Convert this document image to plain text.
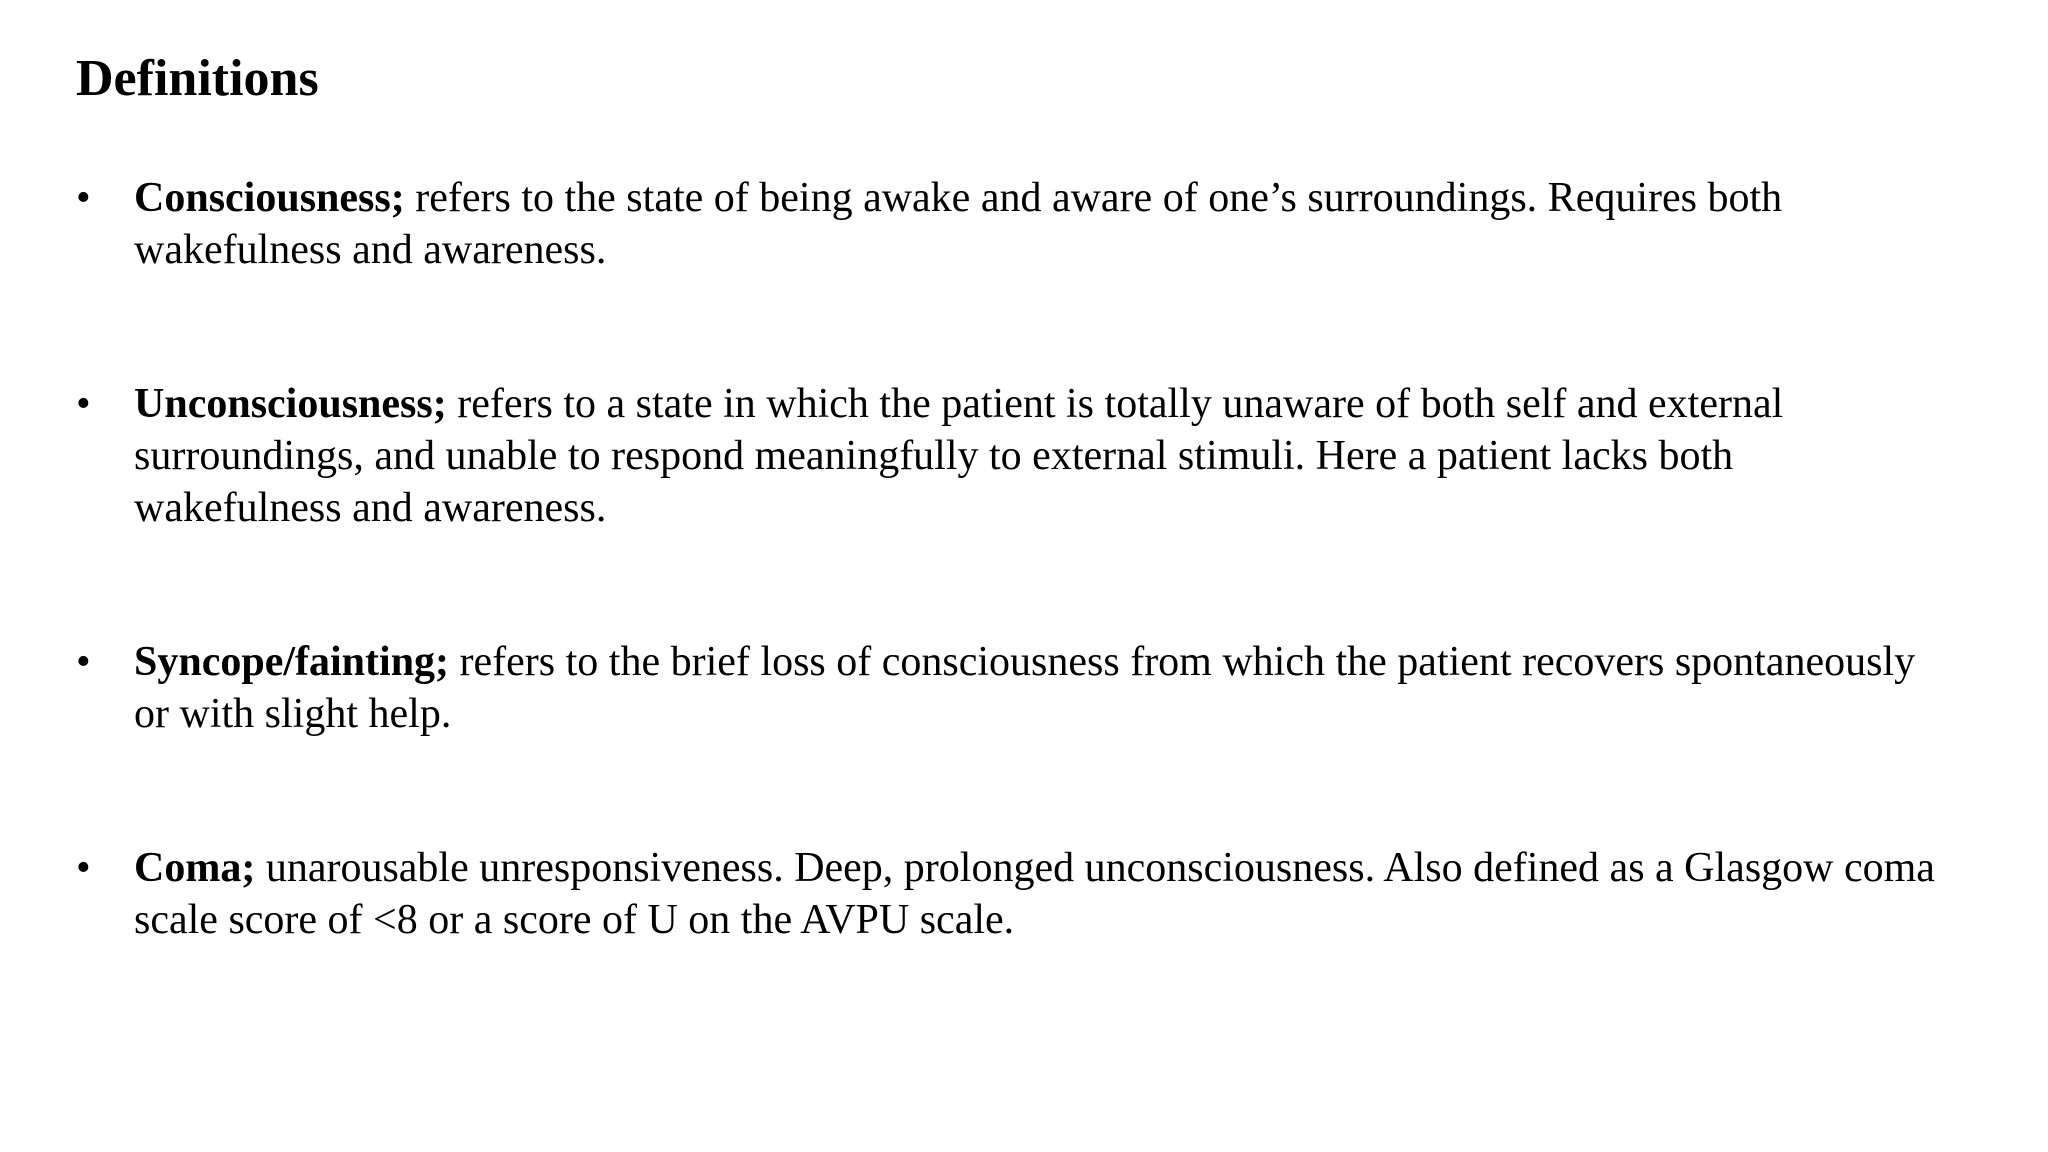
Definitions
•	Consciousness; refers to the state of being awake and aware of one’s surroundings. Requires both wakefulness and awareness.
•	Unconsciousness; refers to a state in which the patient is totally unaware of both self and external surroundings, and unable to respond meaningfully to external stimuli. Here a patient lacks both wakefulness and awareness.
•	Syncope/fainting; refers to the brief loss of consciousness from which the patient recovers spontaneously or with slight help.
•	Coma; unarousable unresponsiveness. Deep, prolonged unconsciousness. Also defined as a Glasgow coma scale score of <8 or a score of U on the AVPU scale.
